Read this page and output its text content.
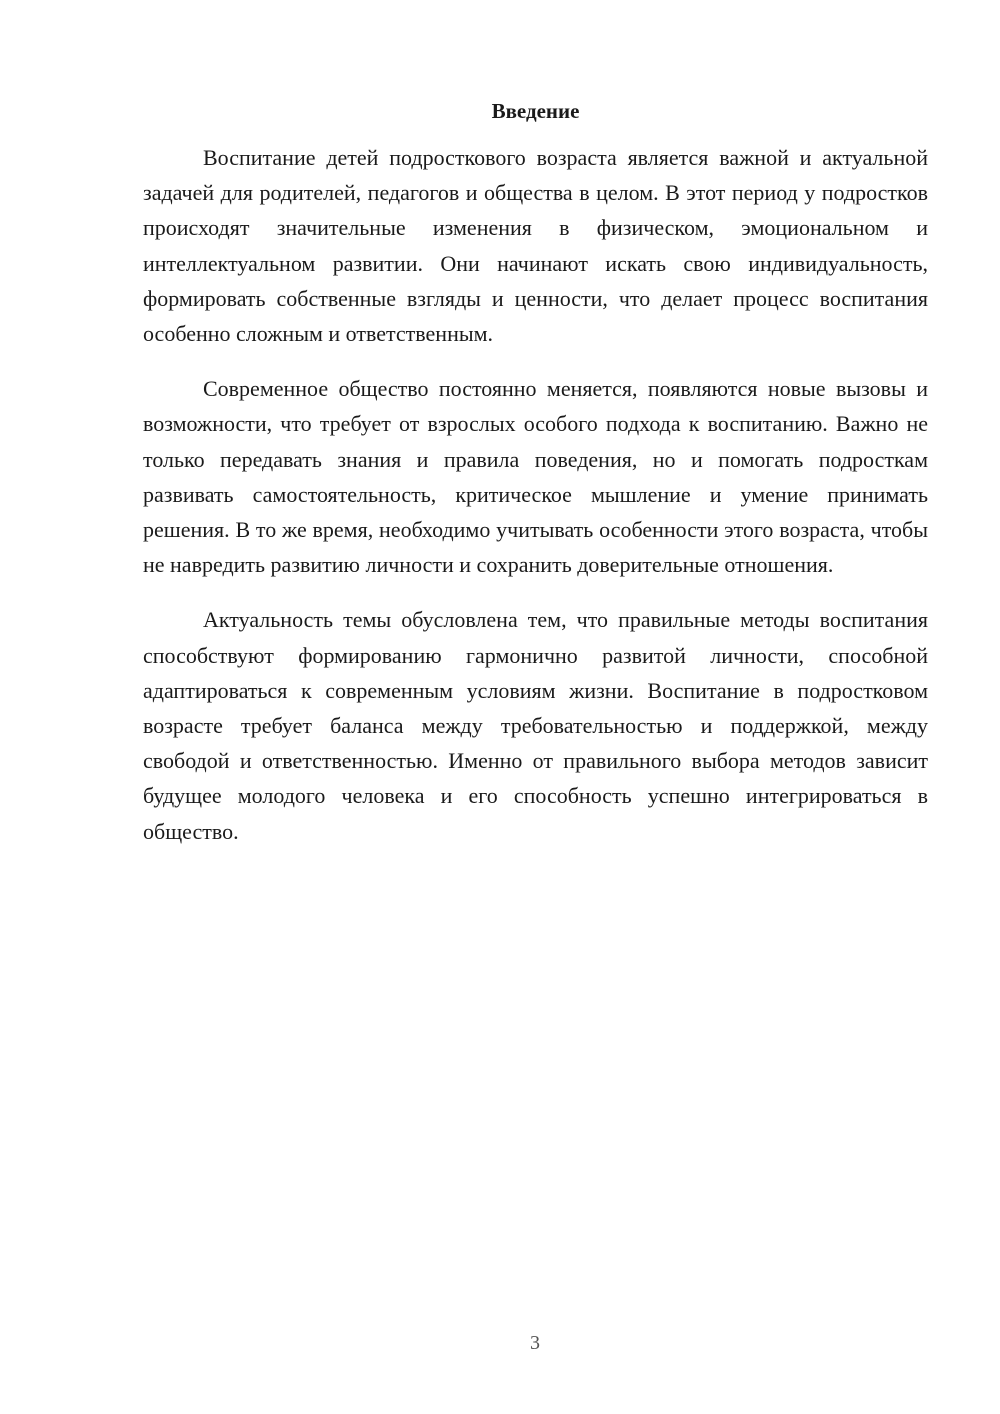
Введение

Воспитание детей подросткового возраста является важной и актуальной задачей для родителей, педагогов и общества в целом. В этот период у подростков происходят значительные изменения в физическом, эмоциональном и интеллектуальном развитии. Они начинают искать свою индивидуальность, формировать собственные взгляды и ценности, что делает процесс воспитания особенно сложным и ответственным.

Современное общество постоянно меняется, появляются новые вызовы и возможности, что требует от взрослых особого подхода к воспитанию. Важно не только передавать знания и правила поведения, но и помогать подросткам развивать самостоятельность, критическое мышление и умение принимать решения. В то же время, необходимо учитывать особенности этого возраста, чтобы не навредить развитию личности и сохранить доверительные отношения.

Актуальность темы обусловлена тем, что правильные методы воспитания способствуют формированию гармонично развитой личности, способной адаптироваться к современным условиям жизни. Воспитание в подростковом возрасте требует баланса между требовательностью и поддержкой, между свободой и ответственностью. Именно от правильного выбора методов зависит будущее молодого человека и его способность успешно интегрироваться в общество.

3
